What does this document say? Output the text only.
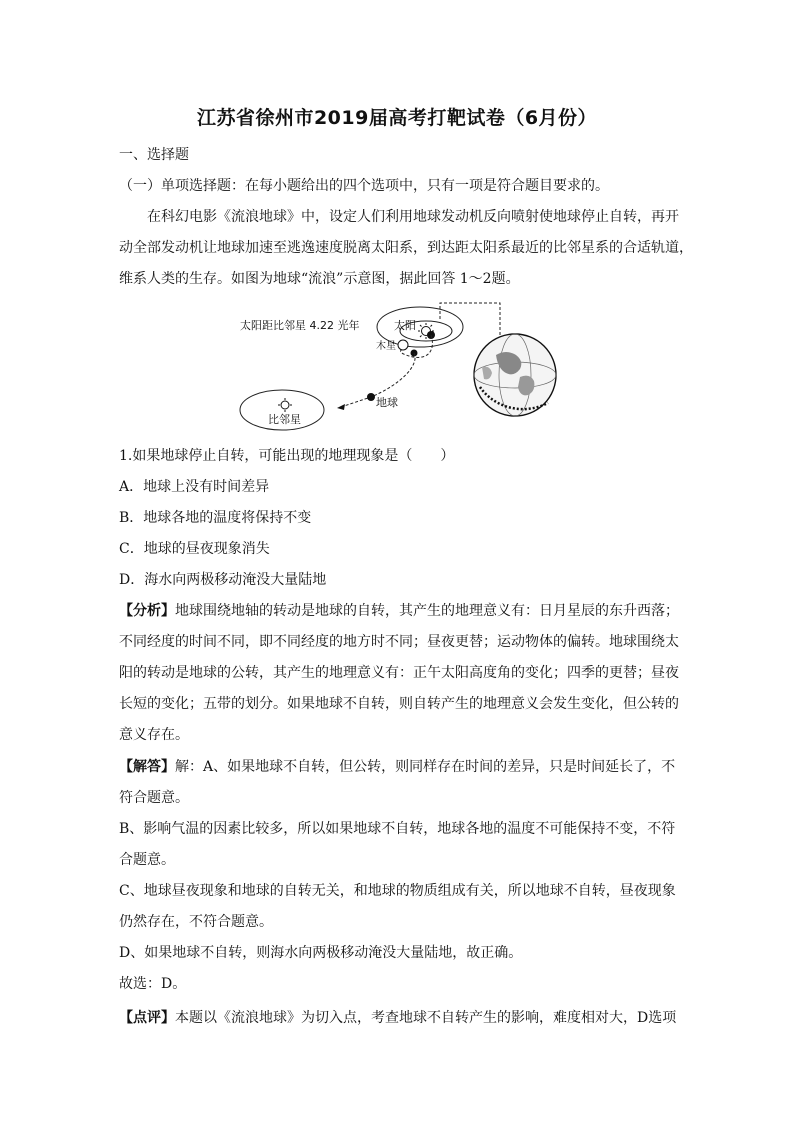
江苏省徐州市2019届高考打靶试卷（6月份）
一、选择题
（一）单项选择题：在每小题给出的四个选项中，只有一项是符合题目要求的。
在科幻电影《流浪地球》中，设定人们利用地球发动机反向喷射使地球停止自转，再开
动全部发动机让地球加速至逃逸速度脱离太阳系，到达距太阳系最近的比邻星系的合适轨道，
维系人类的生存。如图为地球“流浪”示意图，据此回答 1～2题。
太阳距比邻星 4.22 光年	太阳
木星
地球
比邻星
1.如果地球停止自转，可能出现的地理现象是（　　）
A．地球上没有时间差异
B．地球各地的温度将保持不变
C．地球的昼夜现象消失
D．海水向两极移动淹没大量陆地
【分析】地球围绕地轴的转动是地球的自转，其产生的地理意义有：日月星辰的东升西落；
不同经度的时间不同，即不同经度的地方时不同；昼夜更替；运动物体的偏转。地球围绕太
阳的转动是地球的公转，其产生的地理意义有：正午太阳高度角的变化；四季的更替；昼夜
长短的变化；五带的划分。如果地球不自转，则自转产生的地理意义会发生变化，但公转的
意义存在。
【解答】解：A、如果地球不自转，但公转，则同样存在时间的差异，只是时间延长了，不
符合题意。
B、影响气温的因素比较多，所以如果地球不自转，地球各地的温度不可能保持不变，不符
合题意。
C、地球昼夜现象和地球的自转无关，和地球的物质组成有关，所以地球不自转，昼夜现象
仍然存在，不符合题意。
D、如果地球不自转，则海水向两极移动淹没大量陆地，故正确。
故选：D。
【点评】本题以《流浪地球》为切入点，考查地球不自转产生的影响，难度相对大，D选项
